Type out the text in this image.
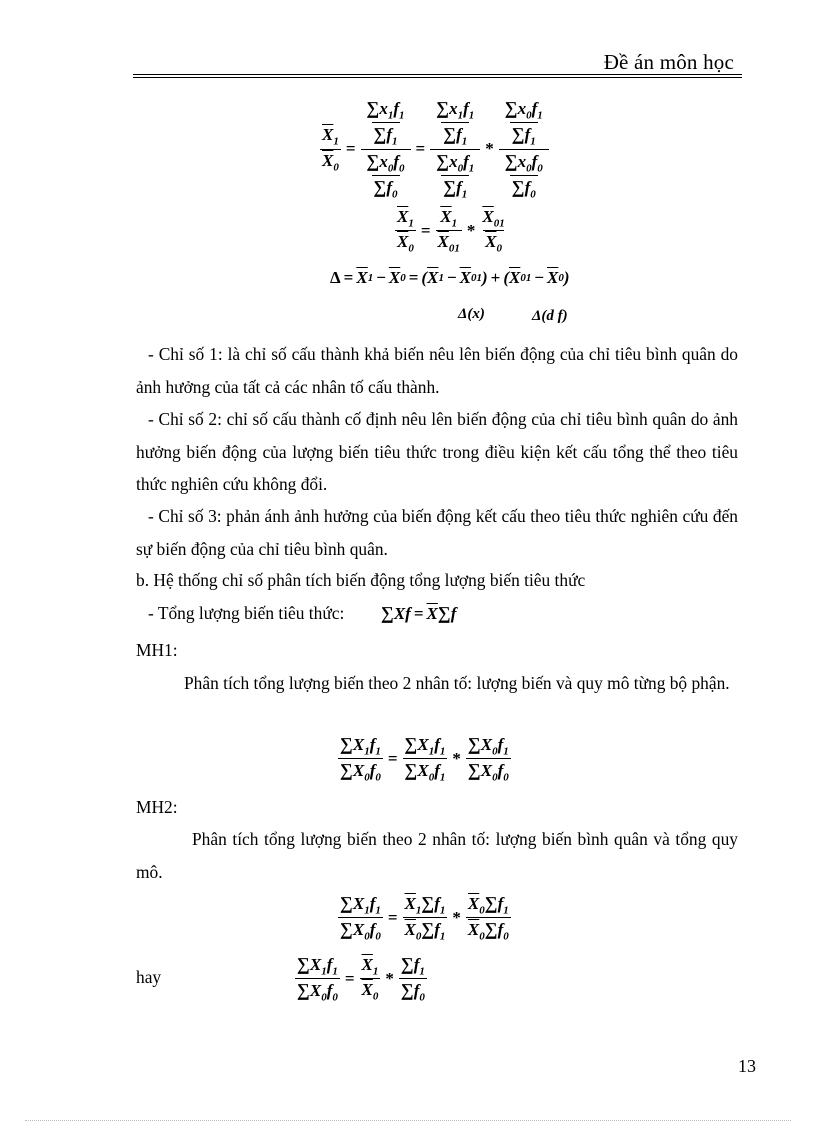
Đề án môn học
$\frac{\overline{X}_1}{\overline{X}_0} = \frac{\frac{\sum x_1f_1}{\sum f_1}}{\frac{\sum x_0f_0}{\sum f_0}} = \frac{\frac{\sum x_1f_1}{\sum f_1}}{\frac{\sum x_0f_1}{\sum f_1}} * \frac{\frac{\sum x_0f_1}{\sum f_1}}{\frac{\sum x_0f_0}{\sum f_0}}$
$\frac{\overline{X}_1}{\overline{X}_0} = \frac{\overline{X}_1}{\overline{X}_{01}} * \frac{\overline{X}_{01}}{\overline{X}_0}$
$\Delta = \overline{X}$ $1 - \overline{X}$ 0 = ( $\overline{X}$ $1 - \overline{X}$ 01 ) + ( $\overline{X}$ $01 - \overline{X}$ 0 )
Δ(x)	Δ(d f)
- Chỉ số 1: là chỉ số cấu thành khả biến nêu lên biến động của chỉ tiêu bình quân do ảnh hưởng của tất cả các nhân tố cấu thành.
- Chỉ số 2: chỉ số cấu thành cố định nêu lên biến động của chỉ tiêu bình quân do ảnh hưởng biến động của lượng biến tiêu thức trong điều kiện kết cấu tổng thể theo tiêu thức nghiên cứu không đổi.
- Chỉ số 3: phản ánh ảnh hưởng của biến động kết cấu theo tiêu thức nghiên cứu đến sự biến động của chỉ tiêu bình quân.
b. Hệ thống chỉ số phân tích biến động tổng lượng biến tiêu thức
- Tổng lượng biến tiêu thức: ∑ $Xf = \overline{X}$ ∑ f
MH1:
Phân tích tổng lượng biến theo 2 nhân tố: lượng biến và quy mô từng bộ phận.
$\frac{\sum X_1f_1}{\sum X_0f_0} = \frac{\sum X_1f_1}{\sum X_0f_1} * \frac{\sum X_0f_1}{\sum X_0f_0}$
MH2:
Phân tích tổng lượng biến theo 2 nhân tố: lượng biến bình quân và tổng quy mô.
$\frac{\sum X_1f_1}{\sum X_0f_0} = \frac{\overline{X}_1\sum f_1}{\overline{X}_0\sum f_1} * \frac{\overline{X}_0\sum f_1}{\overline{X}_0\sum f_0}$
hay	$\frac{\sum X_1f_1}{\sum X_0f_0} = \frac{\overline{X}_1}{\overline{X}_0} * \frac{\sum f_1}{\sum f_0}$
13
